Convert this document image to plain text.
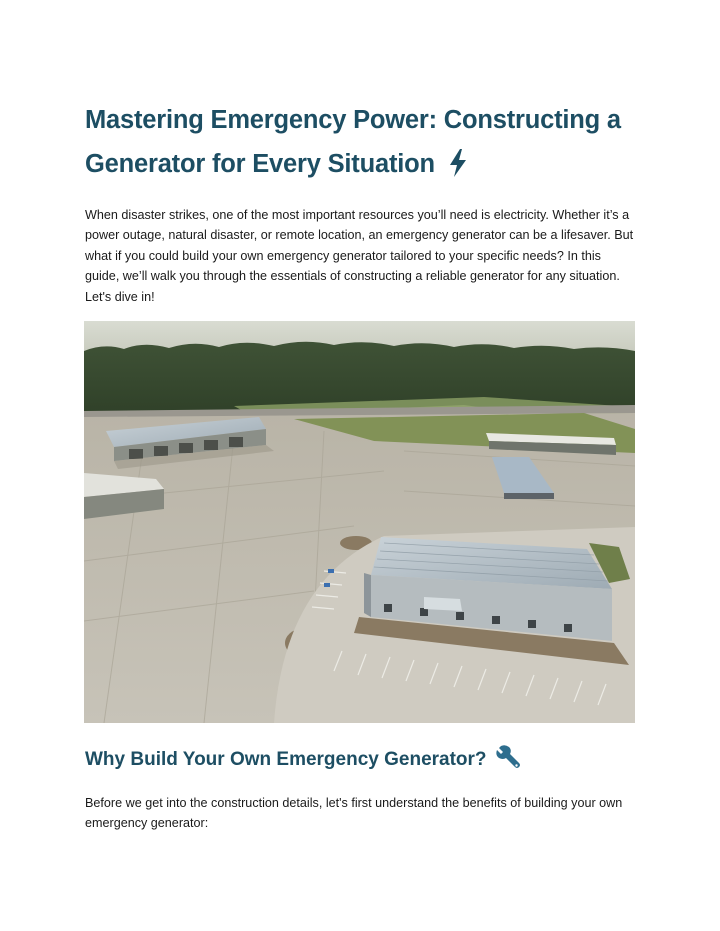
Mastering Emergency Power: Constructing a Generator for Every Situation

When disaster strikes, one of the most important resources you’ll need is electricity. Whether it’s a power outage, natural disaster, or remote location, an emergency generator can be a lifesaver. But what if you could build your own emergency generator tailored to your specific needs? In this guide, we’ll walk you through the essentials of constructing a reliable generator for any situation. Let's dive in!

Why Build Your Own Emergency Generator?

Before we get into the construction details, let's first understand the benefits of building your own emergency generator:
